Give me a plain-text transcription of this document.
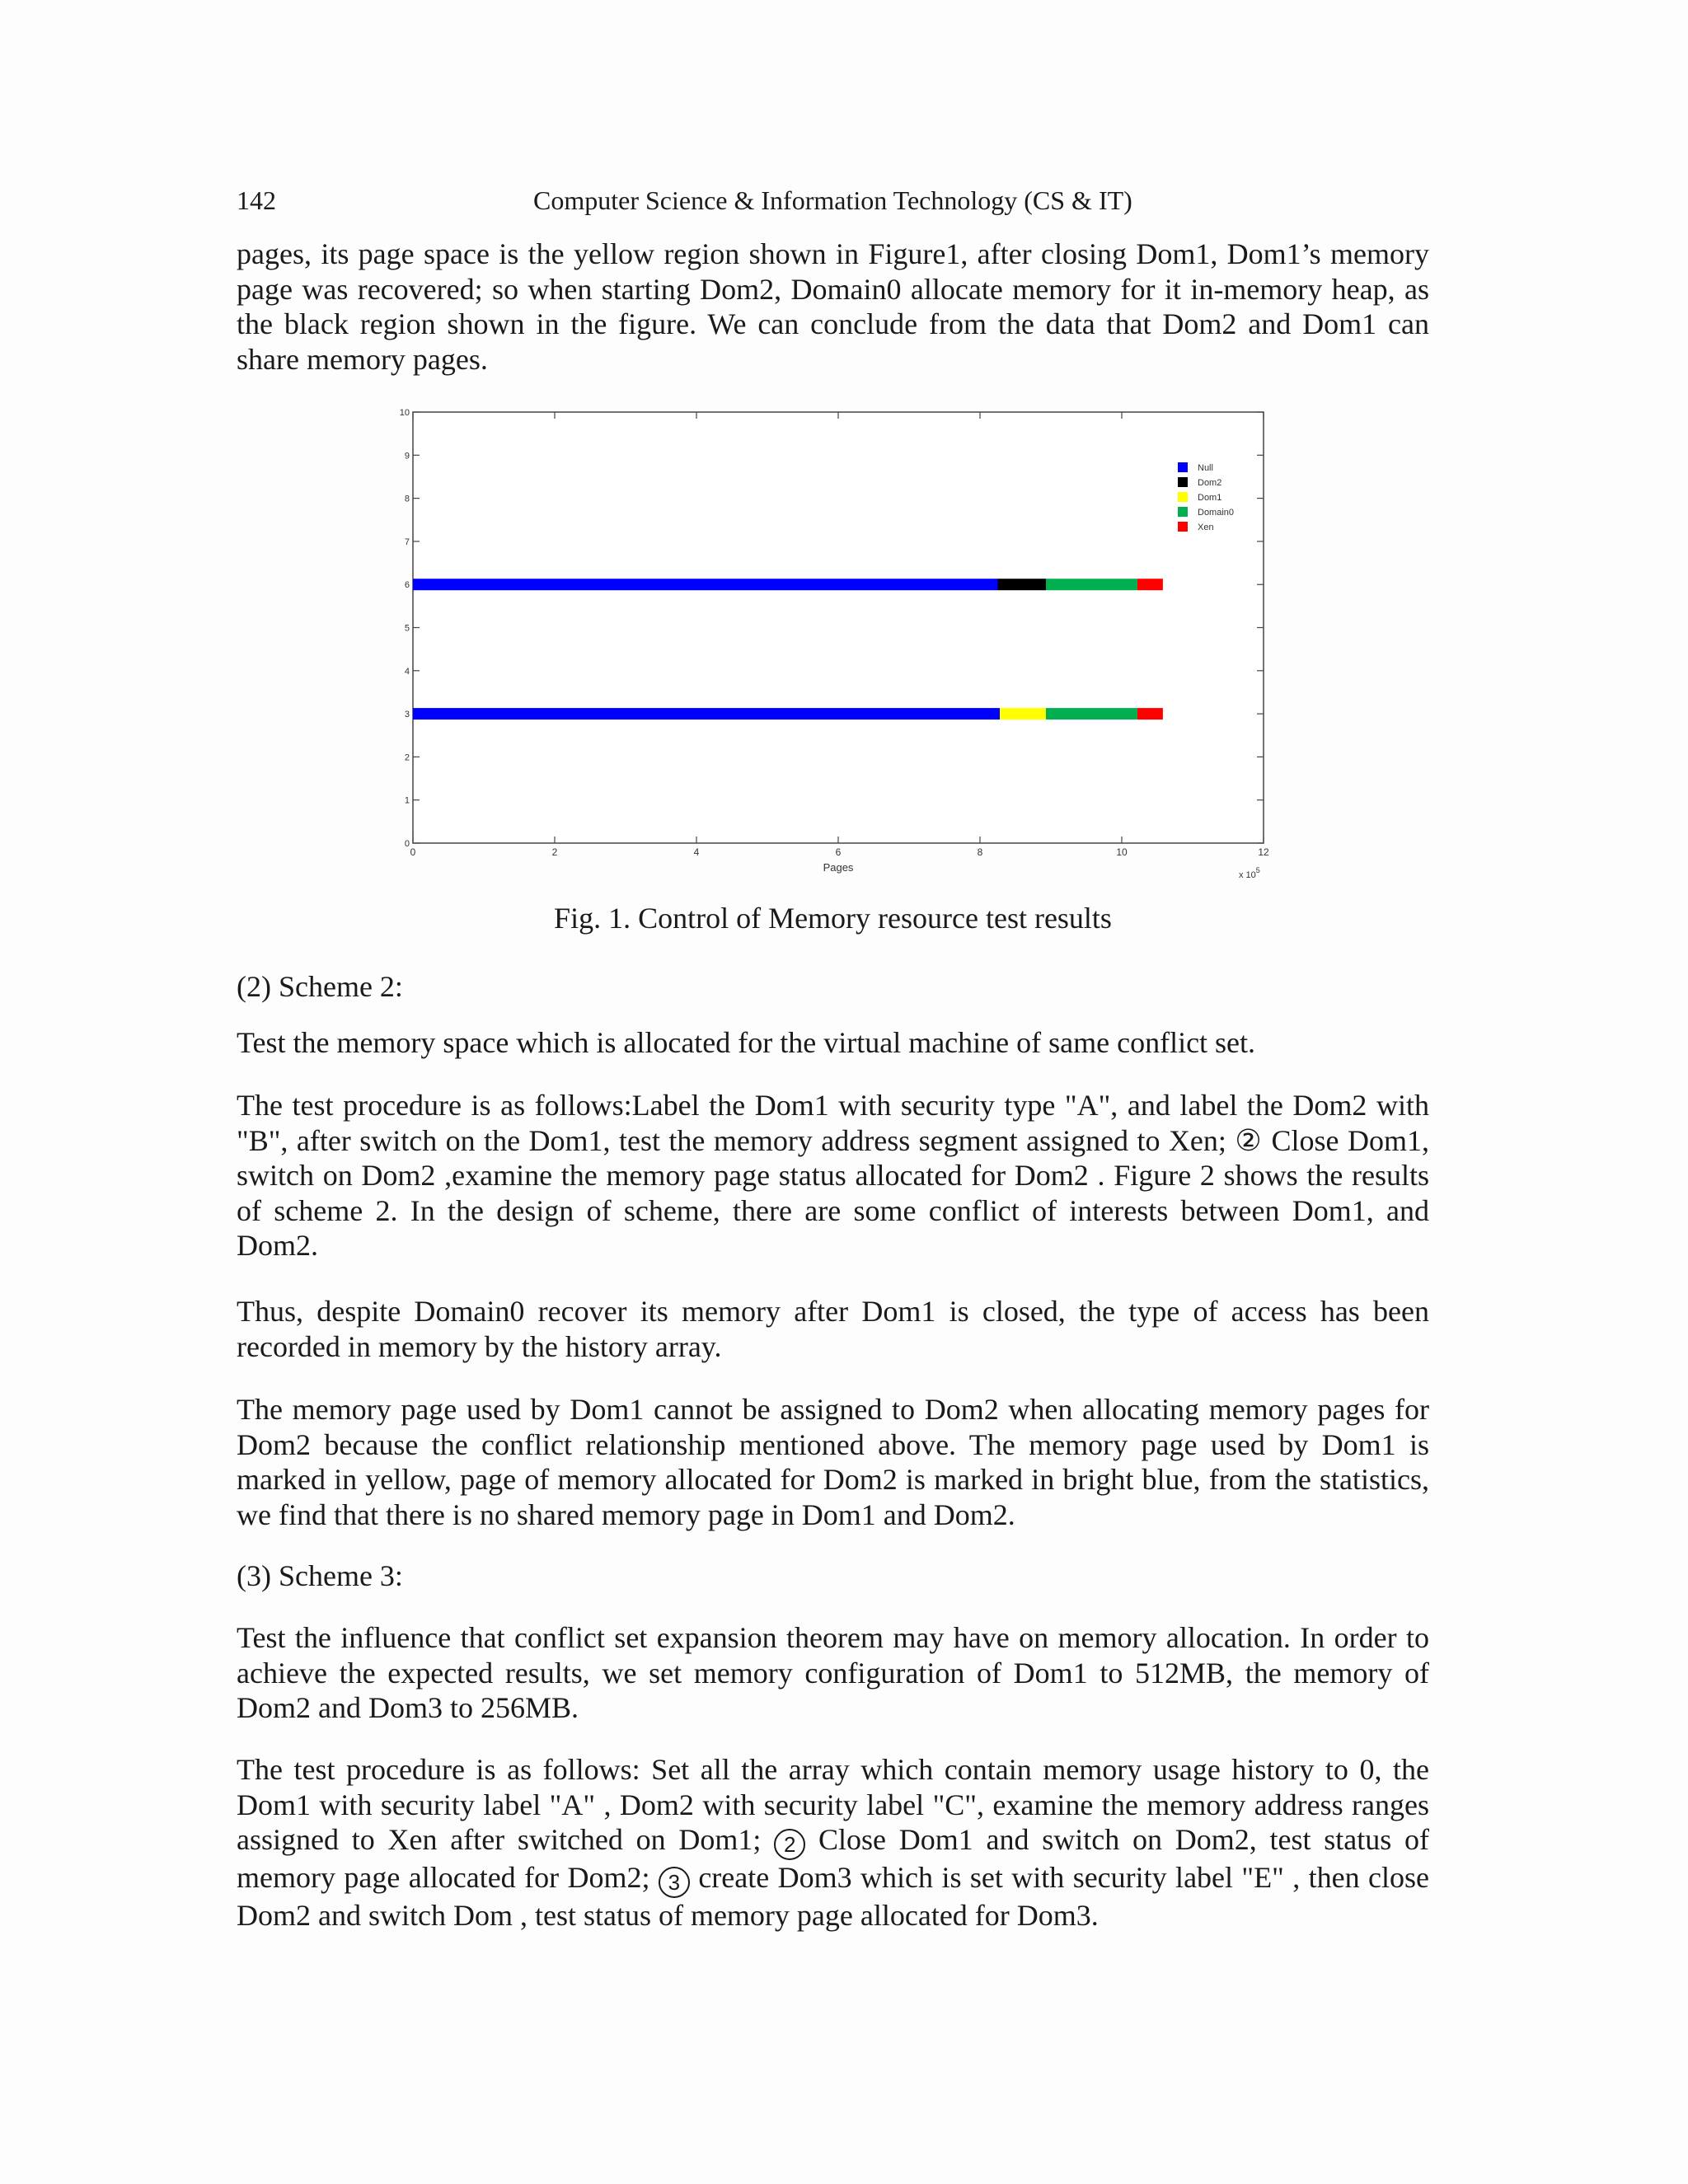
142	Computer Science & Information Technology (CS & IT)

pages, its page space is the yellow region shown in Figure1, after closing Dom1, Dom1’s memory page was recovered; so when starting Dom2, Domain0 allocate memory for it in-memory heap, as the black region shown in the figure. We can conclude from the data that Dom2 and Dom1 can share memory pages.

0	2	4	6	8	10	12
0
1
2
3
4
5
6
7
8
9
10
Null
Dom2
Dom1
Domain0
Xen
Pages
x $10^5$
Fig. 1. Control of Memory resource test results

(2) Scheme 2:

Test the memory space which is allocated for the virtual machine of same conflict set.

The test procedure is as follows:Label the Dom1 with security type "A", and label the Dom2 with "B", after switch on the Dom1, test the memory address segment assigned to Xen; ② Close Dom1, switch on Dom2 ,examine the memory page status allocated for Dom2 . Figure 2 shows the results of scheme 2. In the design of scheme, there are some conflict of interests between Dom1, and Dom2.

Thus, despite Domain0 recover its memory after Dom1 is closed, the type of access has been recorded in memory by the history array.

The memory page used by Dom1 cannot be assigned to Dom2 when allocating memory pages for Dom2 because the conflict relationship mentioned above. The memory page used by Dom1 is marked in yellow, page of memory allocated for Dom2 is marked in bright blue, from the statistics, we find that there is no shared memory page in Dom1 and Dom2.

(3) Scheme 3:

Test the influence that conflict set expansion theorem may have on memory allocation. In order to achieve the expected results, we set memory configuration of Dom1 to 512MB, the memory of Dom2 and Dom3 to 256MB.

The test procedure is as follows: Set all the array which contain memory usage history to 0, the Dom1 with security label "A" , Dom2 with security label "C", examine the memory address ranges assigned to Xen after switched on Dom1; 2 Close Dom1 and switch on Dom2, test status of memory page allocated for Dom2; 3 create Dom3 which is set with security label "E" , then close Dom2 and switch Dom , test status of memory page allocated for Dom3.
